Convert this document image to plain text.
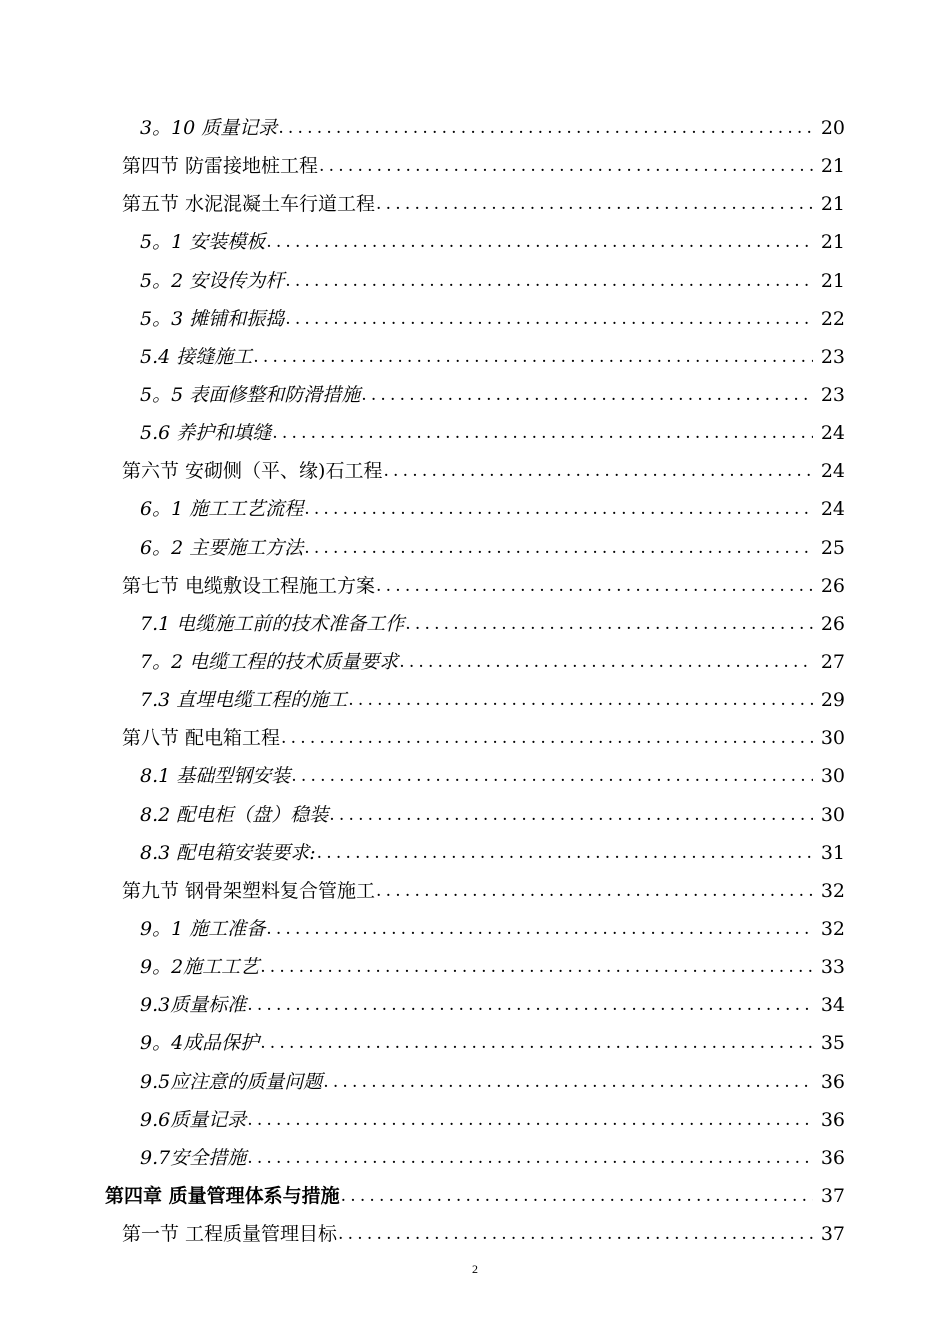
3。10 质量记录 .....	20
第四节 防雷接地桩工程 .....	21
第五节 水泥混凝土车行道工程 .....	21
5。1 安装模板 .....	21
5。2 安设传为杆 .....	21
5。3 摊铺和振捣 .....	22
5.4 接缝施工 .....	23
5。5 表面修整和防滑措施 .....	23
5.6 养护和填缝 .....	24
第六节 安砌侧（平、缘)石工程 .....	24
6。1 施工工艺流程 .....	24
6。2 主要施工方法 .....	25
第七节 电缆敷设工程施工方案 .....	26
7.1 电缆施工前的技术准备工作 .....	26
7。2 电缆工程的技术质量要求 .....	27
7.3 直埋电缆工程的施工 .....	29
第八节 配电箱工程 .....	30
8.1 基础型钢安装 .....	30
8.2 配电柜（盘）稳装 .....	30
8.3 配电箱安装要求: .....	31
第九节 钢骨架塑料复合管施工 .....	32
9。1 施工准备 .....	32
9。2施工工艺 .....	33
9.3质量标准 .....	34
9。4成品保护 .....	35
9.5应注意的质量问题 .....	36
9.6质量记录 .....	36
9.7安全措施 .....	36
第四章 质量管理体系与措施 .....	37
第一节 工程质量管理目标 .....	37
2
